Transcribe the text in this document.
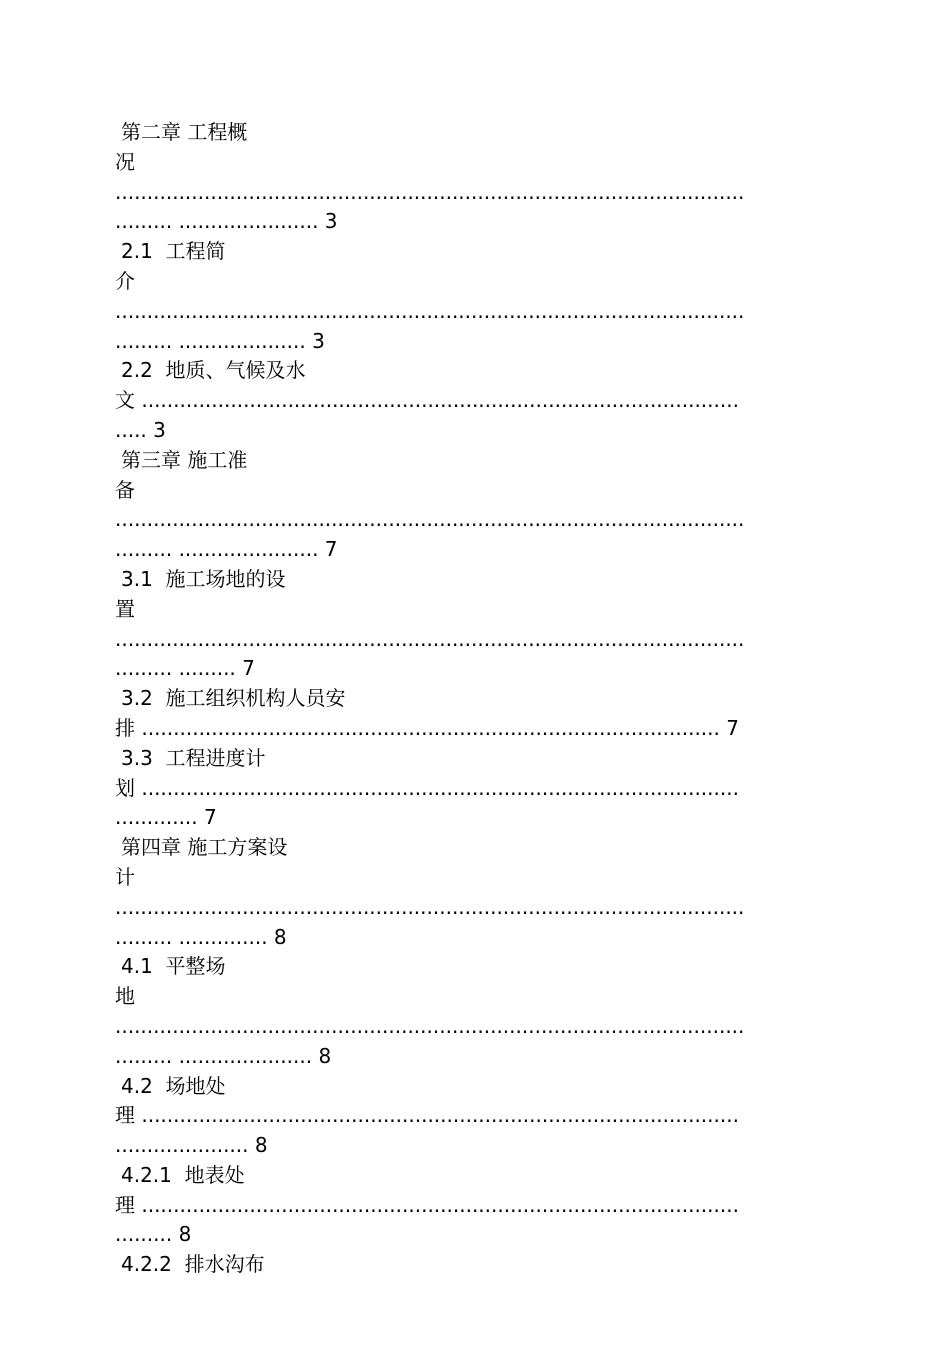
第二章 工程概
况
...................................................................................................
......... ...................... 3
2.1  工程简
介
...................................................................................................
......... .................... 3
2.2  地质、气候及水
文 ..............................................................................................
..... 3
第三章 施工准
备
...................................................................................................
......... ...................... 7
3.1  施工场地的设
置
...................................................................................................
......... ......... 7
3.2  施工组织机构人员安
排 ........................................................................................... 7
3.3  工程进度计
划 ..............................................................................................
............. 7
第四章 施工方案设
计
...................................................................................................
......... .............. 8
4.1  平整场
地
...................................................................................................
......... ..................... 8
4.2  场地处
理 ..............................................................................................
..................... 8
4.2.1  地表处
理 ..............................................................................................
......... 8
4.2.2  排水沟布
